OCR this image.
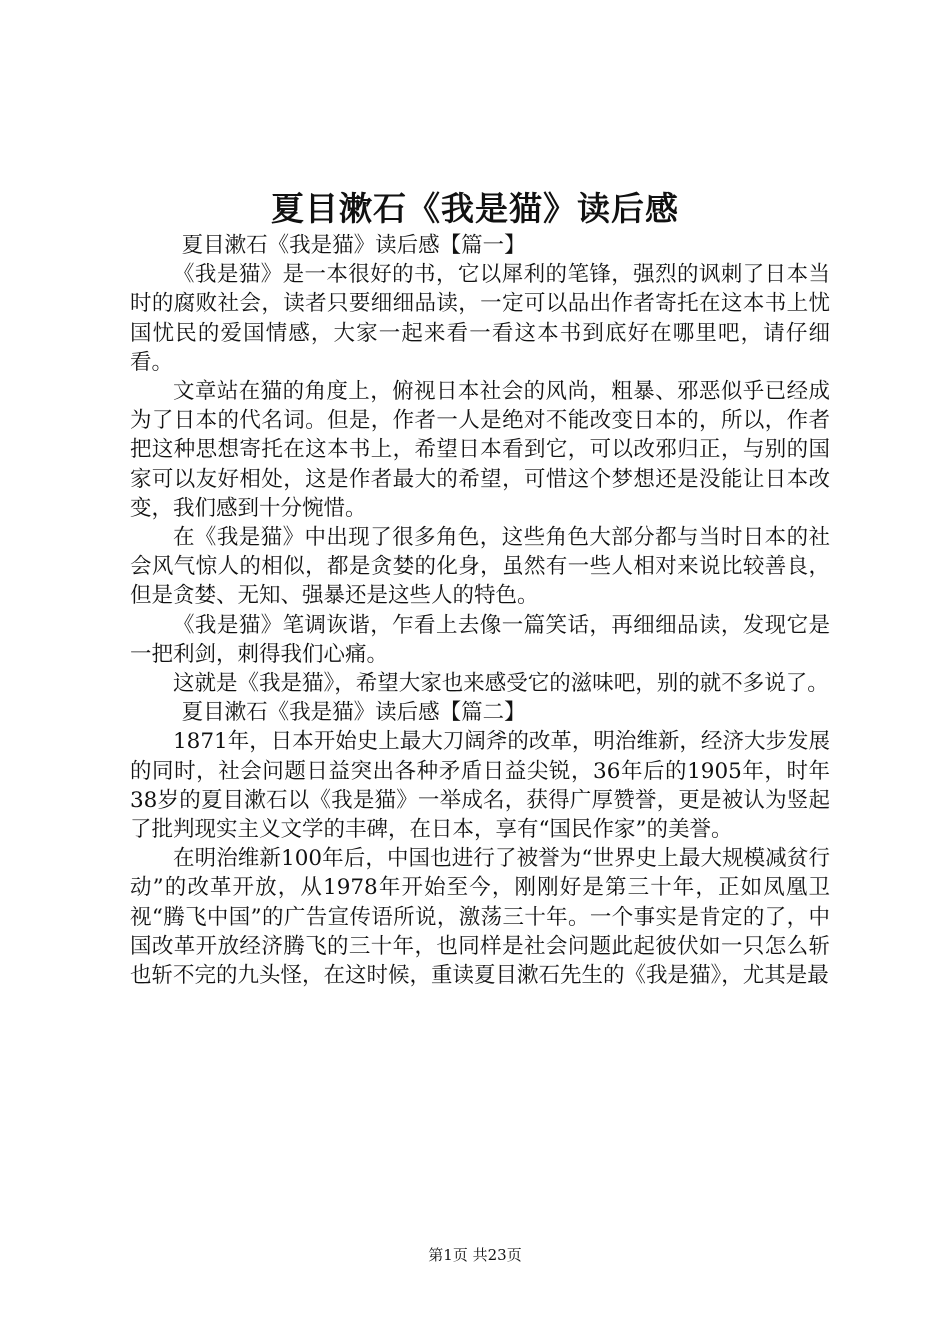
夏目漱石《我是猫》读后感

夏目漱石《我是猫》读后感【篇一】

《我是猫》是一本很好的书，它以犀利的笔锋，强烈的讽刺了日本当时的腐败社会，读者只要细细品读，一定可以品出作者寄托在这本书上忧国忧民的爱国情感，大家一起来看一看这本书到底好在哪里吧，请仔细看。

文章站在猫的角度上，俯视日本社会的风尚，粗暴、邪恶似乎已经成为了日本的代名词。但是，作者一人是绝对不能改变日本的，所以，作者把这种思想寄托在这本书上，希望日本看到它，可以改邪归正，与别的国家可以友好相处，这是作者最大的希望，可惜这个梦想还是没能让日本改变，我们感到十分惋惜。

在《我是猫》中出现了很多角色，这些角色大部分都与当时日本的社会风气惊人的相似，都是贪婪的化身，虽然有一些人相对来说比较善良，但是贪婪、无知、强暴还是这些人的特色。

《我是猫》笔调诙谐，乍看上去像一篇笑话，再细细品读，发现它是一把利剑，刺得我们心痛。

这就是《我是猫》，希望大家也来感受它的滋味吧，别的就不多说了。

夏目漱石《我是猫》读后感【篇二】

1871年，日本开始史上最大刀阔斧的改革，明治维新，经济大步发展的同时，社会问题日益突出各种矛盾日益尖锐，36年后的1905年，时年38岁的夏目漱石以《我是猫》一举成名，获得广厚赞誉，更是被认为竖起了批判现实主义文学的丰碑，在日本，享有“国民作家”的美誉。

在明治维新100年后，中国也进行了被誉为“世界史上最大规模减贫行动”的改革开放，从1978年开始至今，刚刚好是第三十年，正如凤凰卫视“腾飞中国”的广告宣传语所说，激荡三十年。一个事实是肯定的了，中国改革开放经济腾飞的三十年，也同样是社会问题此起彼伏如一只怎么斩也斩不完的九头怪，在这时候，重读夏目漱石先生的《我是猫》，尤其是最

第1页 共23页
